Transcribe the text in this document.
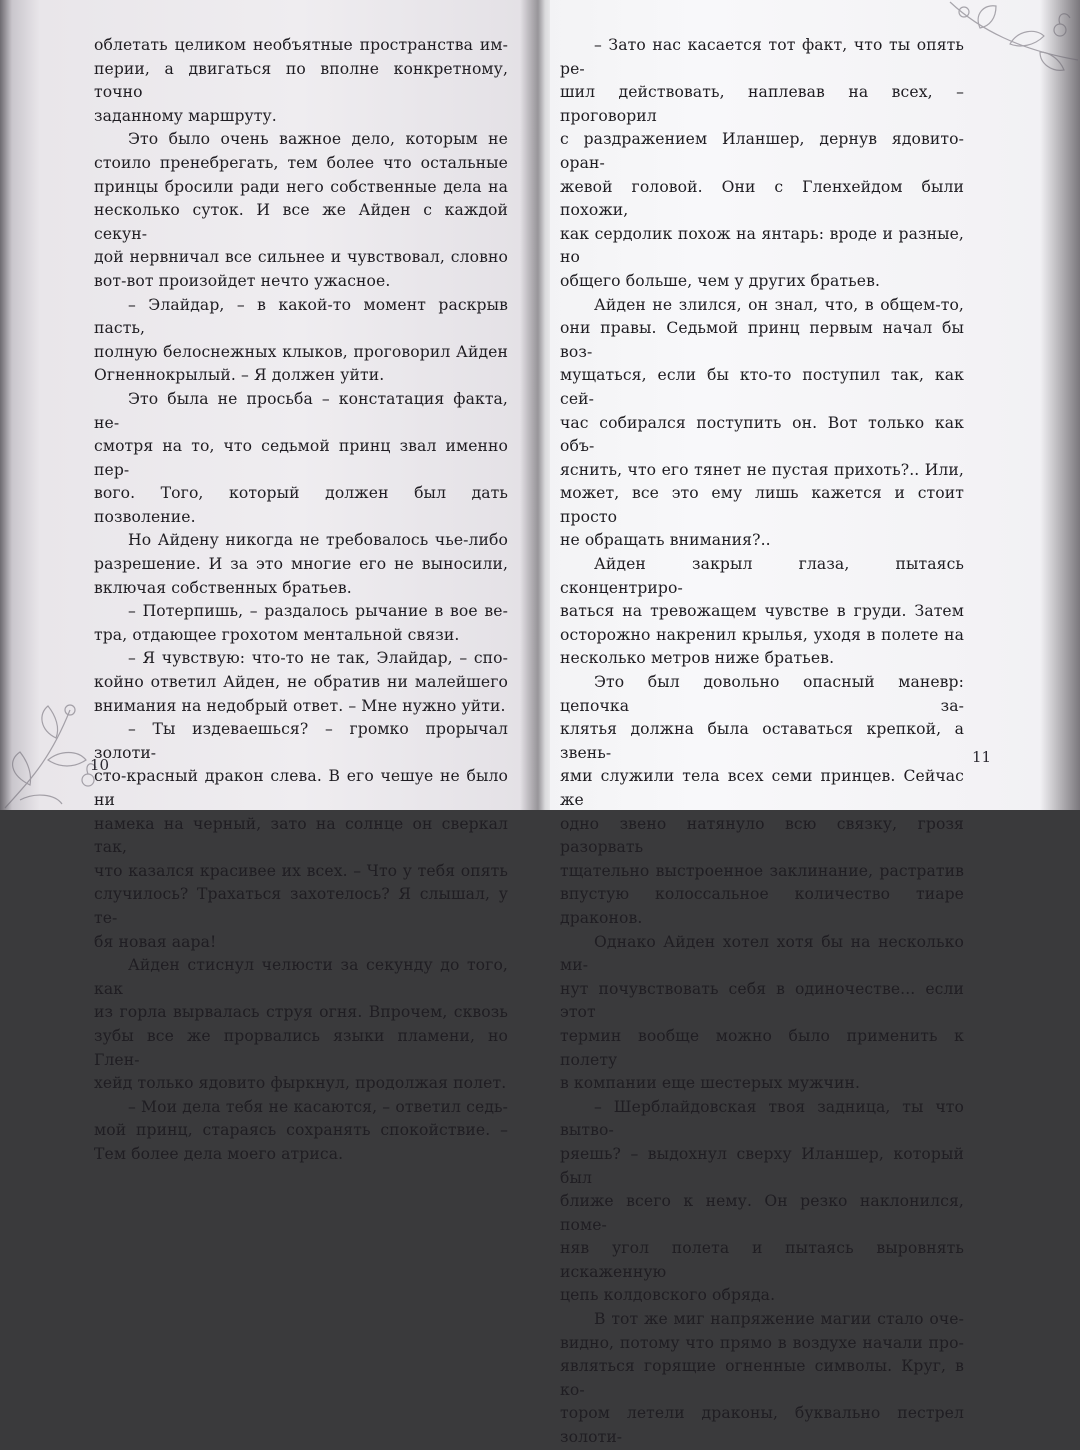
облетать целиком необъятные пространства им-

перии, а двигаться по вполне конкретному, точно

заданному маршруту.

Это было очень важное дело, которым не

стоило пренебрегать, тем более что остальные

принцы бросили ради него собственные дела на

несколько суток. И все же Айден с каждой секун-

дой нервничал все сильнее и чувствовал, словно

вот-вот произойдет нечто ужасное.

– Элайдар, – в какой-то момент раскрыв пасть,

полную белоснежных клыков, проговорил Айден

Огненнокрылый. – Я должен уйти.

Это была не просьба – констатация факта, не-

смотря на то, что седьмой принц звал именно пер-

вого. Того, который должен был дать позволение.

Но Айдену никогда не требовалось чье-либо

разрешение. И за это многие его не выносили,

включая собственных братьев.

– Потерпишь, – раздалось рычание в вое ве-

тра, отдающее грохотом ментальной связи.

– Я чувствую: что-то не так, Элайдар, – спо-

койно ответил Айден, не обратив ни малейшего

внимания на недобрый ответ. – Мне нужно уйти.

– Ты издеваешься? – громко прорычал золоти-

сто-красный дракон слева. В его чешуе не было ни

намека на черный, зато на солнце он сверкал так,

что казался красивее их всех. – Что у тебя опять

случилось? Трахаться захотелось? Я слышал, у те-

бя новая аара!

Айден стиснул челюсти за секунду до того, как

из горла вырвалась струя огня. Впрочем, сквозь

зубы все же прорвались языки пламени, но Глен-

хейд только ядовито фыркнул, продолжая полет.

– Мои дела тебя не касаются, – ответил седь-

мой принц, стараясь сохранять спокойствие. –

Тем более дела моего атриса.

– Зато нас касается тот факт, что ты опять ре-

шил действовать, наплевав на всех, – проговорил

с раздражением Иланшер, дернув ядовито-оран-

жевой головой. Они с Гленхейдом были похожи,

как сердолик похож на янтарь: вроде и разные, но

общего больше, чем у других братьев.

Айден не злился, он знал, что, в общем-то,

они правы. Седьмой принц первым начал бы воз-

мущаться, если бы кто-то поступил так, как сей-

час собирался поступить он. Вот только как объ-

яснить, что его тянет не пустая прихоть?.. Или,

может, все это ему лишь кажется и стоит просто

не обращать внимания?..

Айден закрыл глаза, пытаясь сконцентриро-

ваться на тревожащем чувстве в груди. Затем

осторожно накренил крылья, уходя в полете на

несколько метров ниже братьев.

Это был довольно опасный маневр: цепочка за-

клятья должна была оставаться крепкой, а звень-

ями служили тела всех семи принцев. Сейчас же

одно звено натянуло всю связку, грозя разорвать

тщательно выстроенное заклинание, растратив

впустую колоссальное количество тиаре драконов.

Однако Айден хотел хотя бы на несколько ми-

нут почувствовать себя в одиночестве... если этот

термин вообще можно было применить к полету

в компании еще шестерых мужчин.

– Шерблайдовская твоя задница, ты что вытво-

ряешь? – выдохнул сверху Иланшер, который был

ближе всего к нему. Он резко наклонился, поме-

няв угол полета и пытаясь выровнять искаженную

цепь колдовского обряда.

В тот же миг напряжение магии стало оче-

видно, потому что прямо в воздухе начали про-

являться горящие огненные символы. Круг, в ко-

тором летели драконы, буквально пестрел золоти-

10	11
